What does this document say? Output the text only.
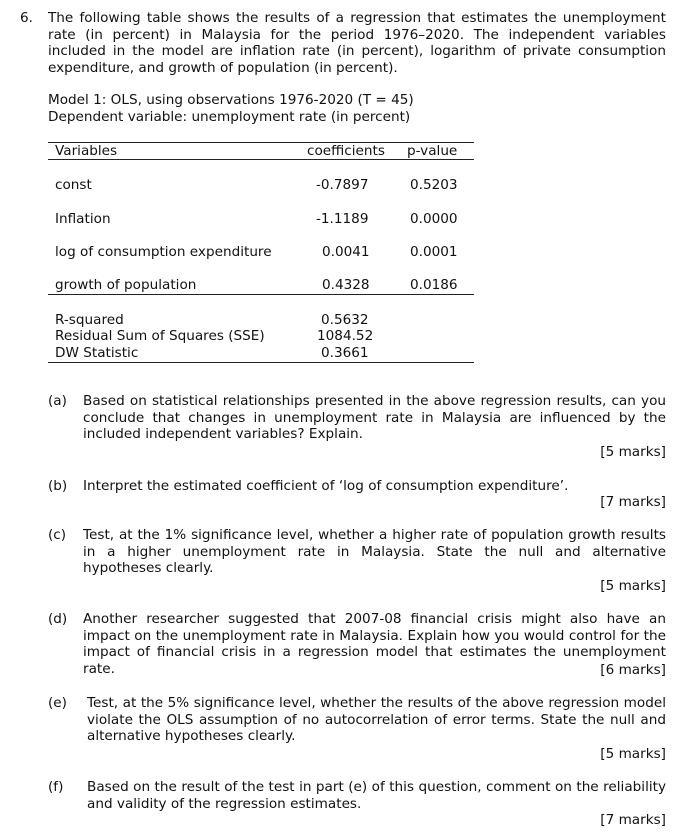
6. The following table shows the results of a regression that estimates the unemployment rate (in percent) in Malaysia for the period 1976–2020. The independent variables included in the model are inflation rate (in percent), logarithm of private consumption expenditure, and growth of population (in percent).

Model 1: OLS, using observations 1976-2020 (T = 45)
Dependent variable: unemployment rate (in percent)
Variables	coefficients p-value
const	-0.7897	0.5203
Inflation	-1.1189	0.0000
log of consumption expenditure	0.0041	0.0001
growth of population	0.4328	0.0186
R-squared	0.5632
Residual Sum of Squares (SSE)	1084.52
DW Statistic	0.3661
(a) Based on statistical relationships presented in the above regression results, can you conclude that changes in unemployment rate in Malaysia are influenced by the included independent variables? Explain.

[5 marks]
(b) Interpret the estimated coefficient of ‘log of consumption expenditure’.

[7 marks]
(c) Test, at the 1% significance level, whether a higher rate of population growth results in a higher unemployment rate in Malaysia. State the null and alternative hypotheses clearly.

[5 marks]
(d) Another researcher suggested that 2007-08 financial crisis might also have an impact on the unemployment rate in Malaysia. Explain how you would control for the impact of financial crisis in a regression model that estimates the unemployment rate.	[6 marks]
(e) Test, at the 5% significance level, whether the results of the above regression model violate the OLS assumption of no autocorrelation of error terms. State the null and alternative hypotheses clearly.

[5 marks]
(f) Based on the result of the test in part (e) of this question, comment on the reliability and validity of the regression estimates.

[7 marks]
